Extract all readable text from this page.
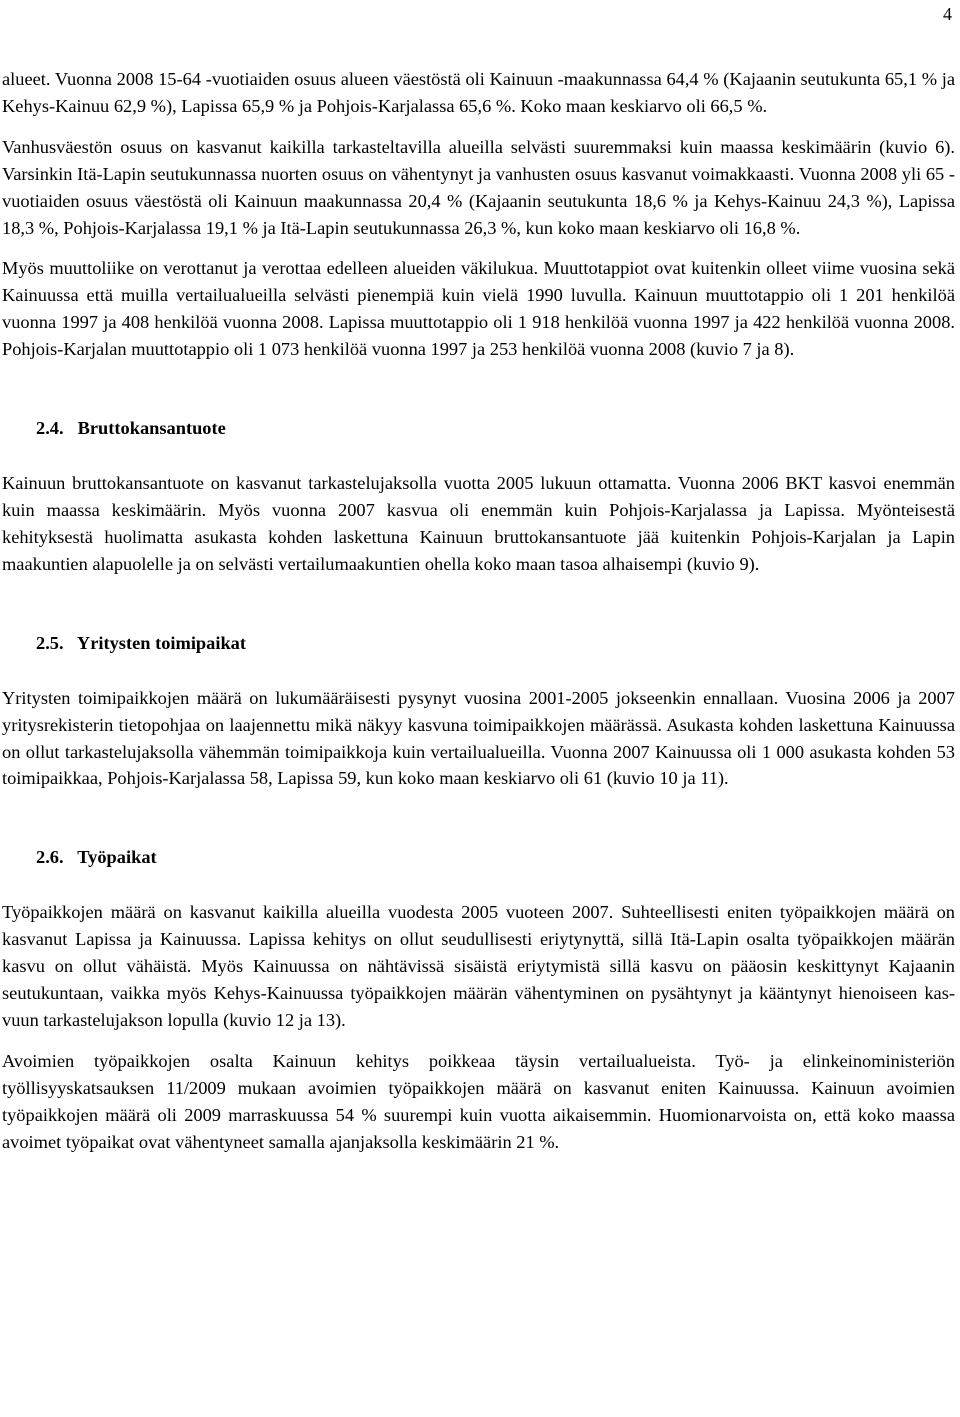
4

alueet. Vuonna 2008 15-64 -vuotiaiden osuus alueen väestöstä oli Kainuun -maakunnassa 64,4 % (Kajaanin seutukunta 65,1 % ja Kehys-Kainuu 62,9 %), Lapissa 65,9 % ja Pohjois-Karjalassa 65,6 %. Koko maan keskiarvo oli 66,5 %.

Vanhusväestön osuus on kasvanut kaikilla tarkasteltavilla alueilla selvästi suuremmaksi kuin maassa keskimäärin (kuvio 6). Varsinkin Itä-Lapin seutukunnassa nuorten osuus on vähentynyt ja vanhusten osuus kasvanut voimakkaasti. Vuonna 2008 yli 65 -vuotiaiden osuus väestöstä oli Kainuun maakunnassa 20,4 % (Kajaanin seutukunta 18,6 % ja Kehys-Kainuu 24,3 %), Lapissa 18,3 %, Pohjois-Karjalassa 19,1 % ja Itä-Lapin seutukunnassa 26,3 %, kun koko maan keskiarvo oli 16,8 %.

Myös muuttoliike on verottanut ja verottaa edelleen alueiden väkilukua. Muuttotappiot ovat kuitenkin olleet viime vuosina sekä Kainuussa että muilla vertailualueilla selvästi pienempiä kuin vielä 1990 luvulla. Kainuun muuttotappio oli 1 201 henkilöä vuonna 1997 ja 408 henkilöä vuonna 2008. Lapissa muuttotappio oli 1 918 henkilöä vuonna 1997 ja 422 henkilöä vuonna 2008. Pohjois-Karjalan muuttotappio oli 1 073 henkilöä vuonna 1997 ja 253 henkilöä vuonna 2008 (kuvio 7 ja 8).

2.4. Bruttokansantuote

Kainuun bruttokansantuote on kasvanut tarkastelujaksolla vuotta 2005 lukuun ottamatta. Vuonna 2006 BKT kasvoi enemmän kuin maassa keskimäärin. Myös vuonna 2007 kasvua oli enemmän kuin Pohjois-Karjalassa ja Lapissa. Myönteisestä kehityksestä huolimatta asukasta kohden laskettuna Kainuun bruttokansantuote jää kuitenkin Pohjois-Karjalan ja Lapin maakuntien alapuolelle ja on selvästi vertailumaakuntien ohella koko maan tasoa alhaisempi (kuvio 9).

2.5. Yritysten toimipaikat

Yritysten toimipaikkojen määrä on lukumääräisesti pysynyt vuosina 2001-2005 jokseenkin ennallaan. Vuosina 2006 ja 2007 yritysrekisterin tietopohjaa on laajennettu mikä näkyy kasvuna toimipaikkojen määrässä. Asukasta kohden laskettuna Kainuussa on ollut tarkastelujaksolla vähemmän toimipaikkoja kuin vertailualueilla. Vuonna 2007 Kainuussa oli 1 000 asukasta kohden 53 toimipaikkaa, Pohjois-Karjalassa 58, Lapissa 59, kun koko maan keskiarvo oli 61 (kuvio 10 ja 11).

2.6. Työpaikat

Työpaikkojen määrä on kasvanut kaikilla alueilla vuodesta 2005 vuoteen 2007. Suhteellisesti eniten työpaikkojen määrä on kasvanut Lapissa ja Kainuussa. Lapissa kehitys on ollut seudullisesti eriytynyttä, sillä Itä-Lapin osalta työpaikkojen määrän kasvu on ollut vähäistä. Myös Kainuussa on nähtävissä sisäistä eriytymistä sillä kasvu on pääosin keskittynyt Kajaanin seutukuntaan, vaikka myös Kehys-Kainuussa työpaikkojen määrän vähentyminen on pysähtynyt ja kääntynyt hienoiseen kasvuun tarkastelujakson lopulla (kuvio 12 ja 13).

Avoimien työpaikkojen osalta Kainuun kehitys poikkeaa täysin vertailualueista. Työ- ja elinkeinoministeriön työllisyyskatsauksen 11/2009 mukaan avoimien työpaikkojen määrä on kasvanut eniten Kainuussa. Kainuun avoimien työpaikkojen määrä oli 2009 marraskuussa 54 % suurempi kuin vuotta aikaisemmin. Huomionarvoista on, että koko maassa avoimet työpaikat ovat vähentyneet samalla ajanjaksolla keskimäärin 21 %.
